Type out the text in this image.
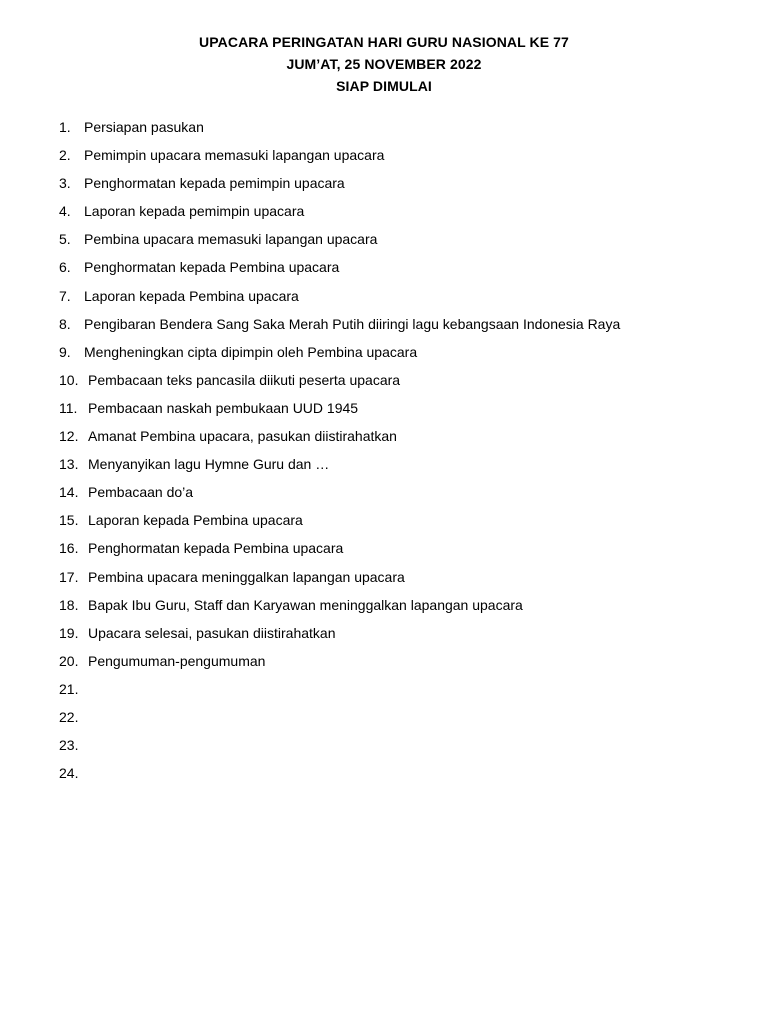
UPACARA PERINGATAN HARI GURU NASIONAL KE 77
JUM’AT, 25 NOVEMBER 2022
SIAP DIMULAI
1. Persiapan pasukan
2. Pemimpin upacara memasuki lapangan upacara
3. Penghormatan kepada pemimpin upacara
4. Laporan kepada pemimpin upacara
5. Pembina upacara memasuki lapangan upacara
6. Penghormatan kepada Pembina upacara
7. Laporan kepada Pembina upacara
8. Pengibaran Bendera Sang Saka Merah Putih diiringi lagu kebangsaan Indonesia Raya
9. Mengheningkan cipta dipimpin oleh Pembina upacara
10. Pembacaan teks pancasila diikuti peserta upacara
11. Pembacaan naskah pembukaan UUD 1945
12. Amanat Pembina upacara, pasukan diistirahatkan
13. Menyanyikan lagu Hymne Guru dan …
14. Pembacaan do’a
15. Laporan kepada Pembina upacara
16. Penghormatan kepada Pembina upacara
17. Pembina upacara meninggalkan lapangan upacara
18. Bapak Ibu Guru, Staff dan Karyawan meninggalkan lapangan upacara
19. Upacara selesai, pasukan diistirahatkan
20. Pengumuman-pengumuman
21.
22.
23.
24.
